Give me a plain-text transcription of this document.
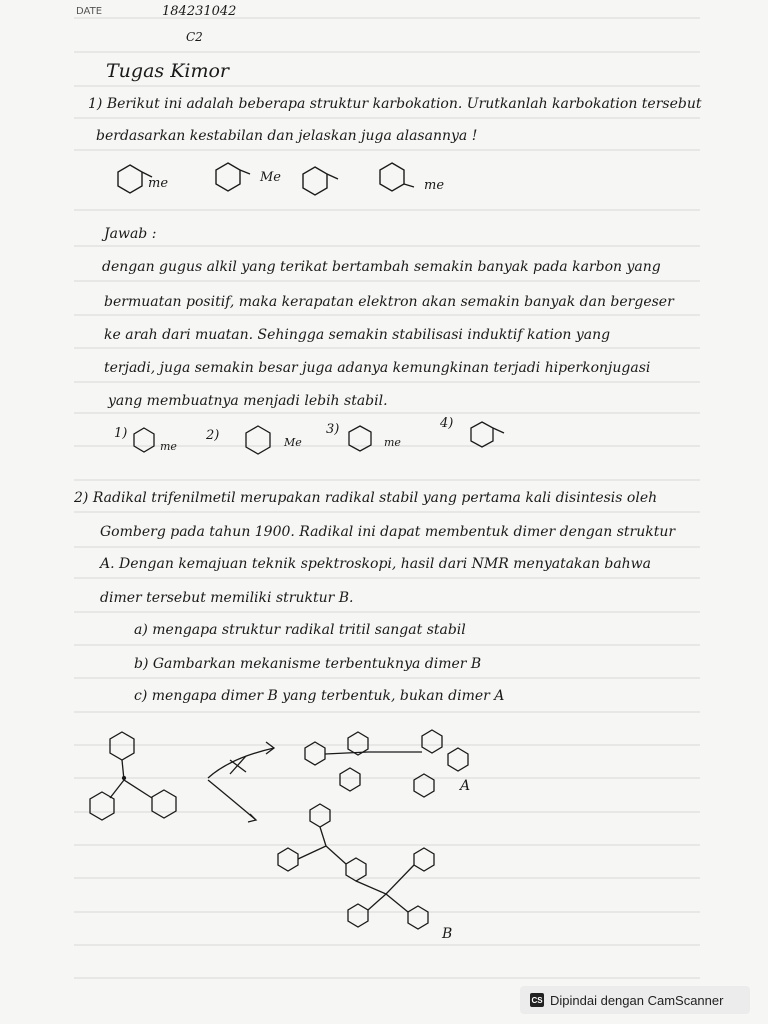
DATE	184231042
C2
Tugas Kimor
1) Berikut ini adalah beberapa struktur karbokation. Urutkanlah karbokation tersebut
berdasarkan kestabilan dan jelaskan juga alasannya !
me	Me
me
Jawab :
dengan gugus alkil yang terikat bertambah semakin banyak pada karbon yang
bermuatan positif, maka kerapatan elektron akan semakin banyak dan bergeser
ke arah dari muatan. Sehingga semakin stabilisasi induktif kation yang
terjadi, juga semakin besar juga adanya kemungkinan terjadi hiperkonjugasi
yang membuatnya menjadi lebih stabil.
1)	2)	3)	4)
me	Me	me
2) Radikal trifenilmetil merupakan radikal stabil yang pertama kali disintesis oleh
Gomberg pada tahun 1900. Radikal ini dapat membentuk dimer dengan struktur
A. Dengan kemajuan teknik spektroskopi, hasil dari NMR menyatakan bahwa
dimer tersebut memiliki struktur B.
a) mengapa struktur radikal tritil sangat stabil
b) Gambarkan mekanisme terbentuknya dimer B
c) mengapa dimer B yang terbentuk, bukan dimer A
A
B
CS Dipindai dengan CamScanner
